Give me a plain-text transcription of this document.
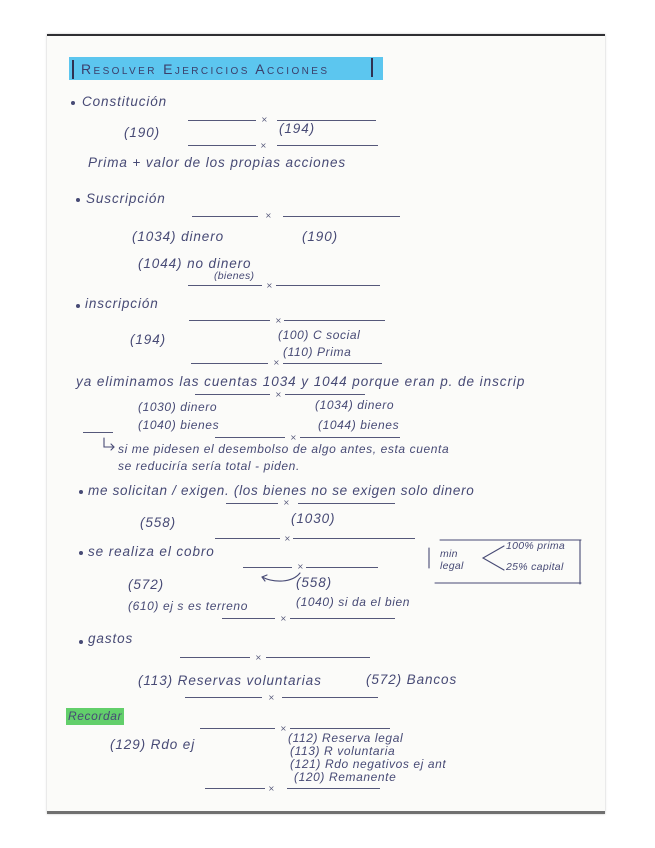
Resolver Ejercicios Acciones
Constitución
×
(190)	(194)
×
Prima + valor de los propias acciones
Suscripción
×
(1034) dinero	(190)
(1044) no dinero
(bienes)
×
inscripción
×
(194)	(100) C social
(110) Prima
×
ya eliminamos las cuentas 1034 y 1044 porque eran p. de inscrip
×
(1030) dinero	(1034) dinero
(1040) bienes	(1044) bienes
×
si me pidesen el desembolso de algo antes, esta cuenta
se reduciría sería total - piden.
me solicitan / exigen. (los bienes no se exigen solo dinero
×
(558)	(1030)
×
se realiza el cobro	min
legal
100% prima
25% capital
×
(572)	(558)
(610) ej s es terreno	(1040) si da el bien
×
gastos
×
(113) Reservas voluntarias	(572) Bancos
×
Recordar
×
(129) Rdo ej	(112) Reserva legal
(113) R voluntaria
(121) Rdo negativos ej ant
(120) Remanente
×
